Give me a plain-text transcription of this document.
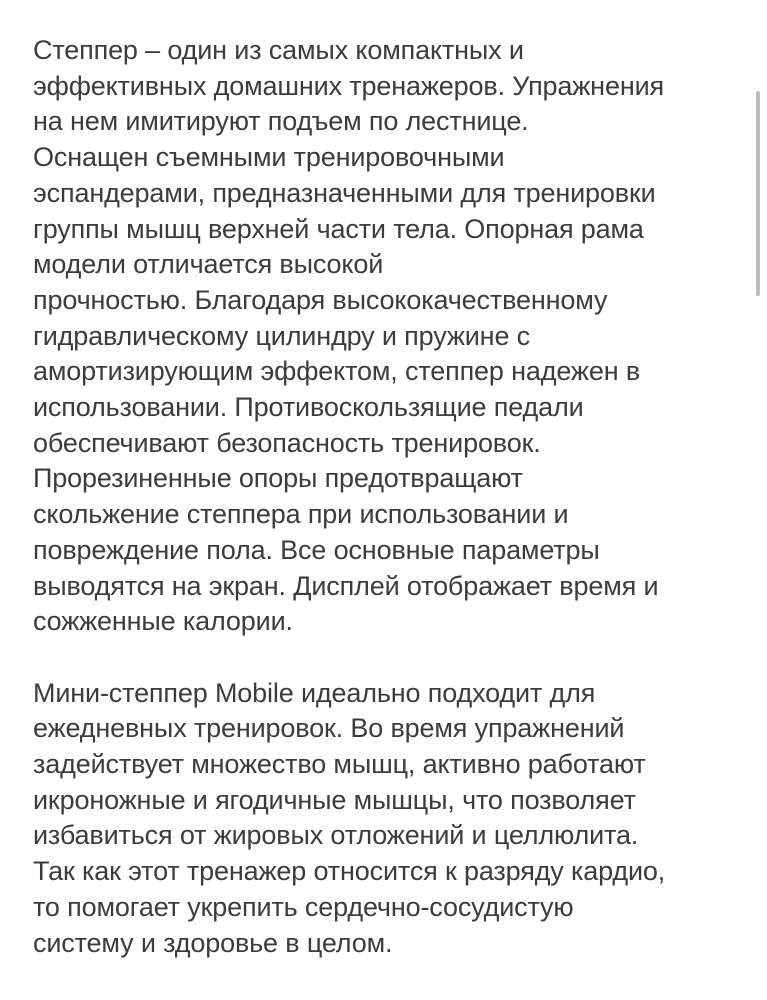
Степпер – один из самых компактных и
эффективных домашних тренажеров. Упражнения
на нем имитируют подъем по лестнице.
Оснащен съемными тренировочными
эспандерами, предназначенными для тренировки
группы мышц верхней части тела. Опорная рама
модели отличается высокой
прочностью. Благодаря высококачественному
гидравлическому цилиндру и пружине с
амортизирующим эффектом, степпер надежен в
использовании. Противоскользящие педали
обеспечивают безопасность тренировок.
Прорезиненные опоры предотвращают
скольжение степпера при использовании и
повреждение пола. Все основные параметры
выводятся на экран. Дисплей отображает время и
сожженные калории.
Мини-степпер Mobile идеально подходит для
ежедневных тренировок. Во время упражнений
задействует множество мышц, активно работают
икроножные и ягодичные мышцы, что позволяет
избавиться от жировых отложений и целлюлита.
Так как этот тренажер относится к разряду кардио,
то помогает укрепить сердечно-сосудистую
систему и здоровье в целом.
